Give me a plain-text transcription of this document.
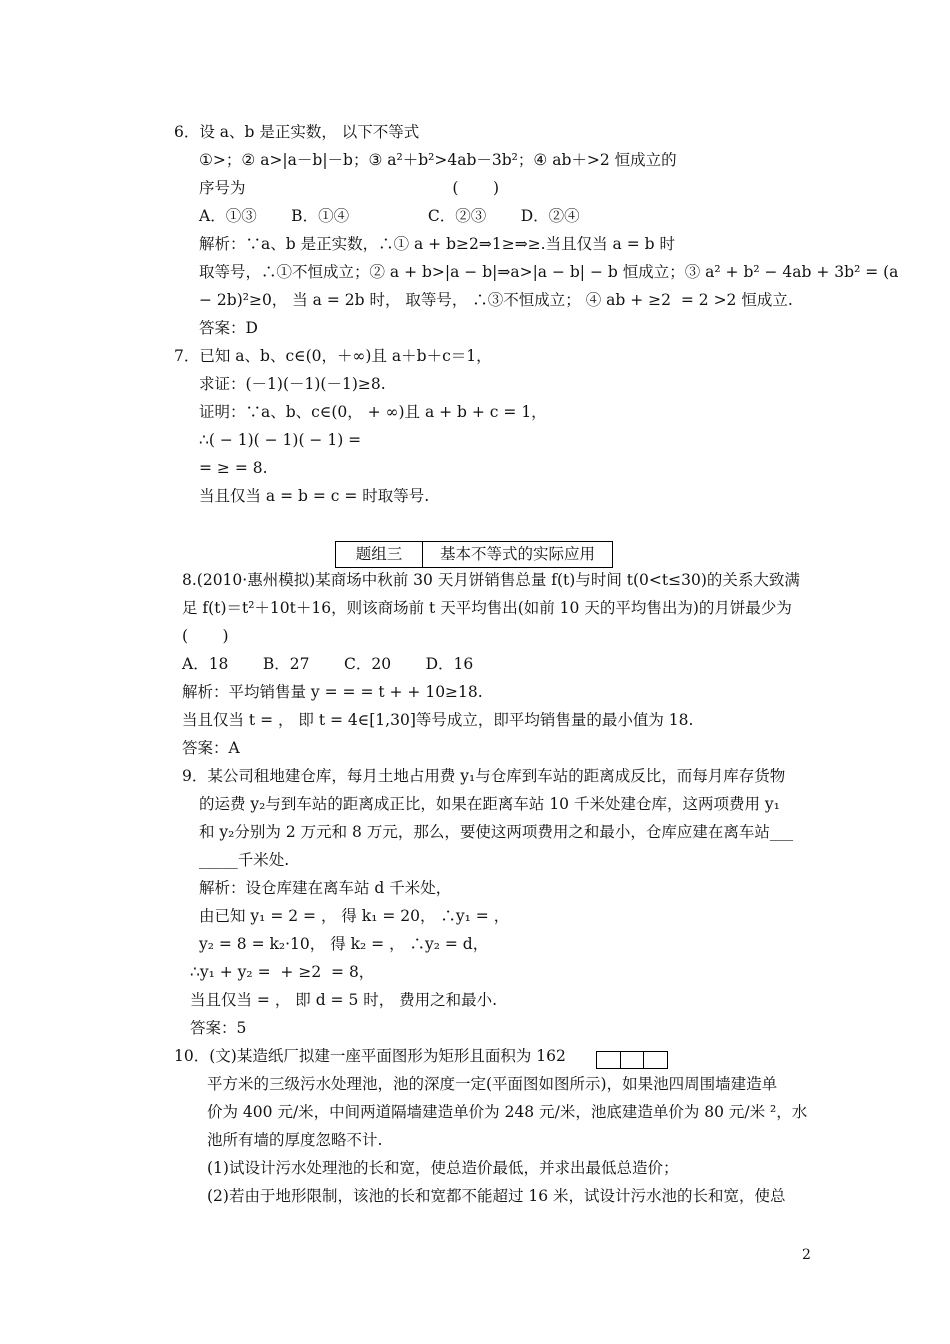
6．设 a、b 是正实数， 以下不等式
①>；② a>|a－b|－b；③ a²＋b²>4ab－3b²；④ ab＋>2 恒成立的
序号为                                          (       )
A．①③       B．①④                C．②③       D．②④
解析：∵a、b 是正实数，∴① a + b≥2⇒1≥⇒≥.当且仅当 a = b 时
取等号，∴①不恒成立；② a + b>|a − b|⇒a>|a − b| − b 恒成立；③ a² + b² − 4ab + 3b² = (a
− 2b)²≥0， 当 a = 2b 时， 取等号， ∴③不恒成立； ④ ab + ≥2  = 2 >2 恒成立.
答案：D
7．已知 a、b、c∈(0，＋∞)且 a＋b＋c＝1，
求证：(－1)(－1)(－1)≥8.
证明：∵a、b、c∈(0， + ∞)且 a + b + c = 1，
∴( − 1)( − 1)( − 1) =
= ≥ = 8.
当且仅当 a = b = c = 时取等号.
8.(2010·惠州模拟)某商场中秋前 30 天月饼销售总量 f(t)与时间 t(0<t≤30)的关系大致满
足 f(t)＝t²＋10t＋16，则该商场前 t 天平均售出(如前 10 天的平均售出为)的月饼最少为
(       )
A．18       B．27       C．20       D．16
解析：平均销售量 y = = = t + + 10≥18.
当且仅当 t = ， 即 t = 4∈[1,30]等号成立，即平均销售量的最小值为 18.
答案：A
9．某公司租地建仓库，每月土地占用费 y₁与仓库到车站的距离成反比，而每月库存货物
的运费 y₂与到车站的距离成正比，如果在距离车站 10 千米处建仓库，这两项费用 y₁
和 y₂分别为 2 万元和 8 万元，那么，要使这两项费用之和最小，仓库应建在离车站___
_____千米处.
解析：设仓库建在离车站 d 千米处，
由已知 y₁ = 2 = ， 得 k₁ = 20， ∴y₁ = ，
y₂ = 8 = k₂·10， 得 k₂ = ， ∴y₂ = d，
∴y₁ + y₂ =  + ≥2  = 8，
当且仅当 = ， 即 d = 5 时， 费用之和最小.
答案：5
10．(文)某造纸厂拟建一座平面图形为矩形且面积为 162
平方米的三级污水处理池，池的深度一定(平面图如图所示)，如果池四周围墙建造单
价为 400 元/米，中间两道隔墙建造单价为 248 元/米，池底建造单价为 80 元/米 ²，水
池所有墙的厚度忽略不计.
(1)试设计污水处理池的长和宽，使总造价最低，并求出最低总造价；
(2)若由于地形限制，该池的长和宽都不能超过 16 米，试设计污水池的长和宽，使总
题组三	基本不等式的实际应用
2
